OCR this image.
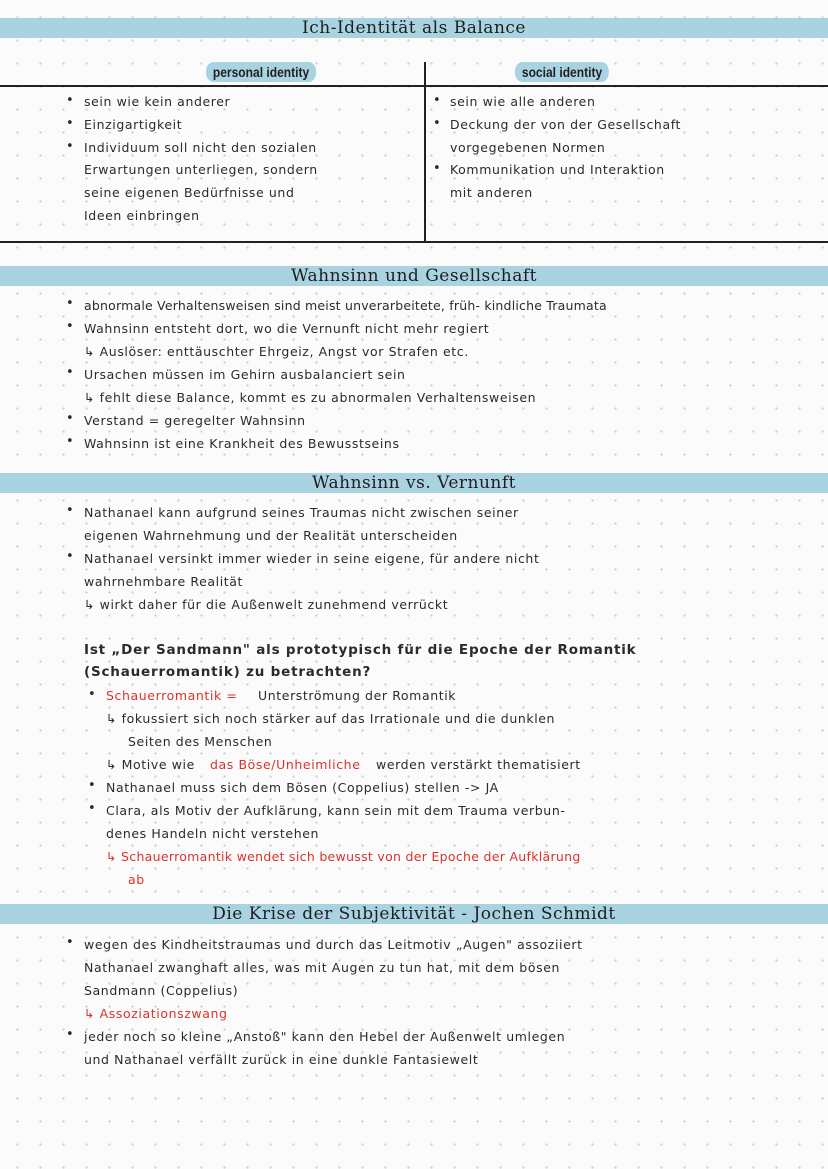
Ich-Identität als Balance
personal identity	social identity
• sein wie kein anderer
• Einzigartigkeit
• Individuum soll nicht den sozialen
Erwartungen unterliegen, sondern
seine eigenen Bedürfnisse und
Ideen einbringen
• sein wie alle anderen
• Deckung der von der Gesellschaft
vorgegebenen Normen
• Kommunikation und Interaktion
mit anderen
Wahnsinn und Gesellschaft
• abnormale Verhaltensweisen sind meist unverarbeitete, früh- kindliche Traumata
• Wahnsinn entsteht dort, wo die Vernunft nicht mehr regiert
↳ Auslöser: enttäuschter Ehrgeiz, Angst vor Strafen etc.
• Ursachen müssen im Gehirn ausbalanciert sein
↳ fehlt diese Balance, kommt es zu abnormalen Verhaltensweisen
• Verstand = geregelter Wahnsinn
• Wahnsinn ist eine Krankheit des Bewusstseins
Wahnsinn vs. Vernunft
• Nathanael kann aufgrund seines Traumas nicht zwischen seiner
eigenen Wahrnehmung und der Realität unterscheiden
• Nathanael versinkt immer wieder in seine eigene, für andere nicht
wahrnehmbare Realität
↳ wirkt daher für die Außenwelt zunehmend verrückt
Ist „Der Sandmann" als prototypisch für die Epoche der Romantik
(Schauerromantik) zu betrachten?
• Schauerromantik = Unterströmung der Romantik
↳ fokussiert sich noch stärker auf das Irrationale und die dunklen
Seiten des Menschen
↳ Motive wie das Böse/Unheimliche werden verstärkt thematisiert
• Nathanael muss sich dem Bösen (Coppelius) stellen -> JA
• Clara, als Motiv der Aufklärung, kann sein mit dem Trauma verbun-
denes Handeln nicht verstehen
↳ Schauerromantik wendet sich bewusst von der Epoche der Aufklärung
ab
Die Krise der Subjektivität - Jochen Schmidt
• wegen des Kindheitstraumas und durch das Leitmotiv „Augen" assoziiert
Nathanael zwanghaft alles, was mit Augen zu tun hat, mit dem bösen
Sandmann (Coppelius)
↳ Assoziationszwang
• jeder noch so kleine „Anstoß" kann den Hebel der Außenwelt umlegen
und Nathanael verfällt zurück in eine dunkle Fantasiewelt
